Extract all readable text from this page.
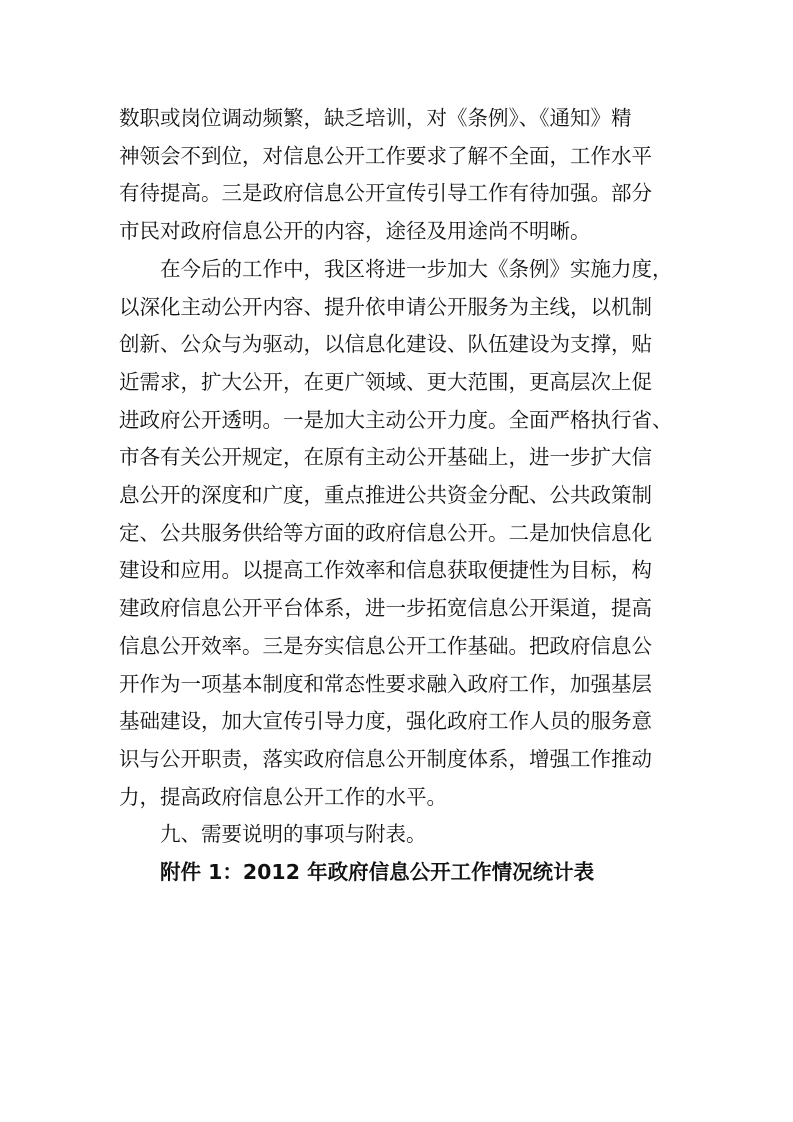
数职或岗位调动频繁，缺乏培训，对《条例》、《通知》精
神领会不到位，对信息公开工作要求了解不全面，工作水平
有待提高。三是政府信息公开宣传引导工作有待加强。部分
市民对政府信息公开的内容，途径及用途尚不明晰。

在今后的工作中，我区将进一步加大《条例》实施力度，
以深化主动公开内容、提升依申请公开服务为主线，以机制
创新、公众与为驱动，以信息化建设、队伍建设为支撑，贴
近需求，扩大公开，在更广领域、更大范围，更高层次上促
进政府公开透明。一是加大主动公开力度。全面严格执行省、
市各有关公开规定，在原有主动公开基础上，进一步扩大信
息公开的深度和广度，重点推进公共资金分配、公共政策制
定、公共服务供给等方面的政府信息公开。二是加快信息化
建设和应用。以提高工作效率和信息获取便捷性为目标，构
建政府信息公开平台体系，进一步拓宽信息公开渠道，提高
信息公开效率。三是夯实信息公开工作基础。把政府信息公
开作为一项基本制度和常态性要求融入政府工作，加强基层
基础建设，加大宣传引导力度，强化政府工作人员的服务意
识与公开职责，落实政府信息公开制度体系，增强工作推动
力，提高政府信息公开工作的水平。

九、需要说明的事项与附表。

附件 1：2012 年政府信息公开工作情况统计表
